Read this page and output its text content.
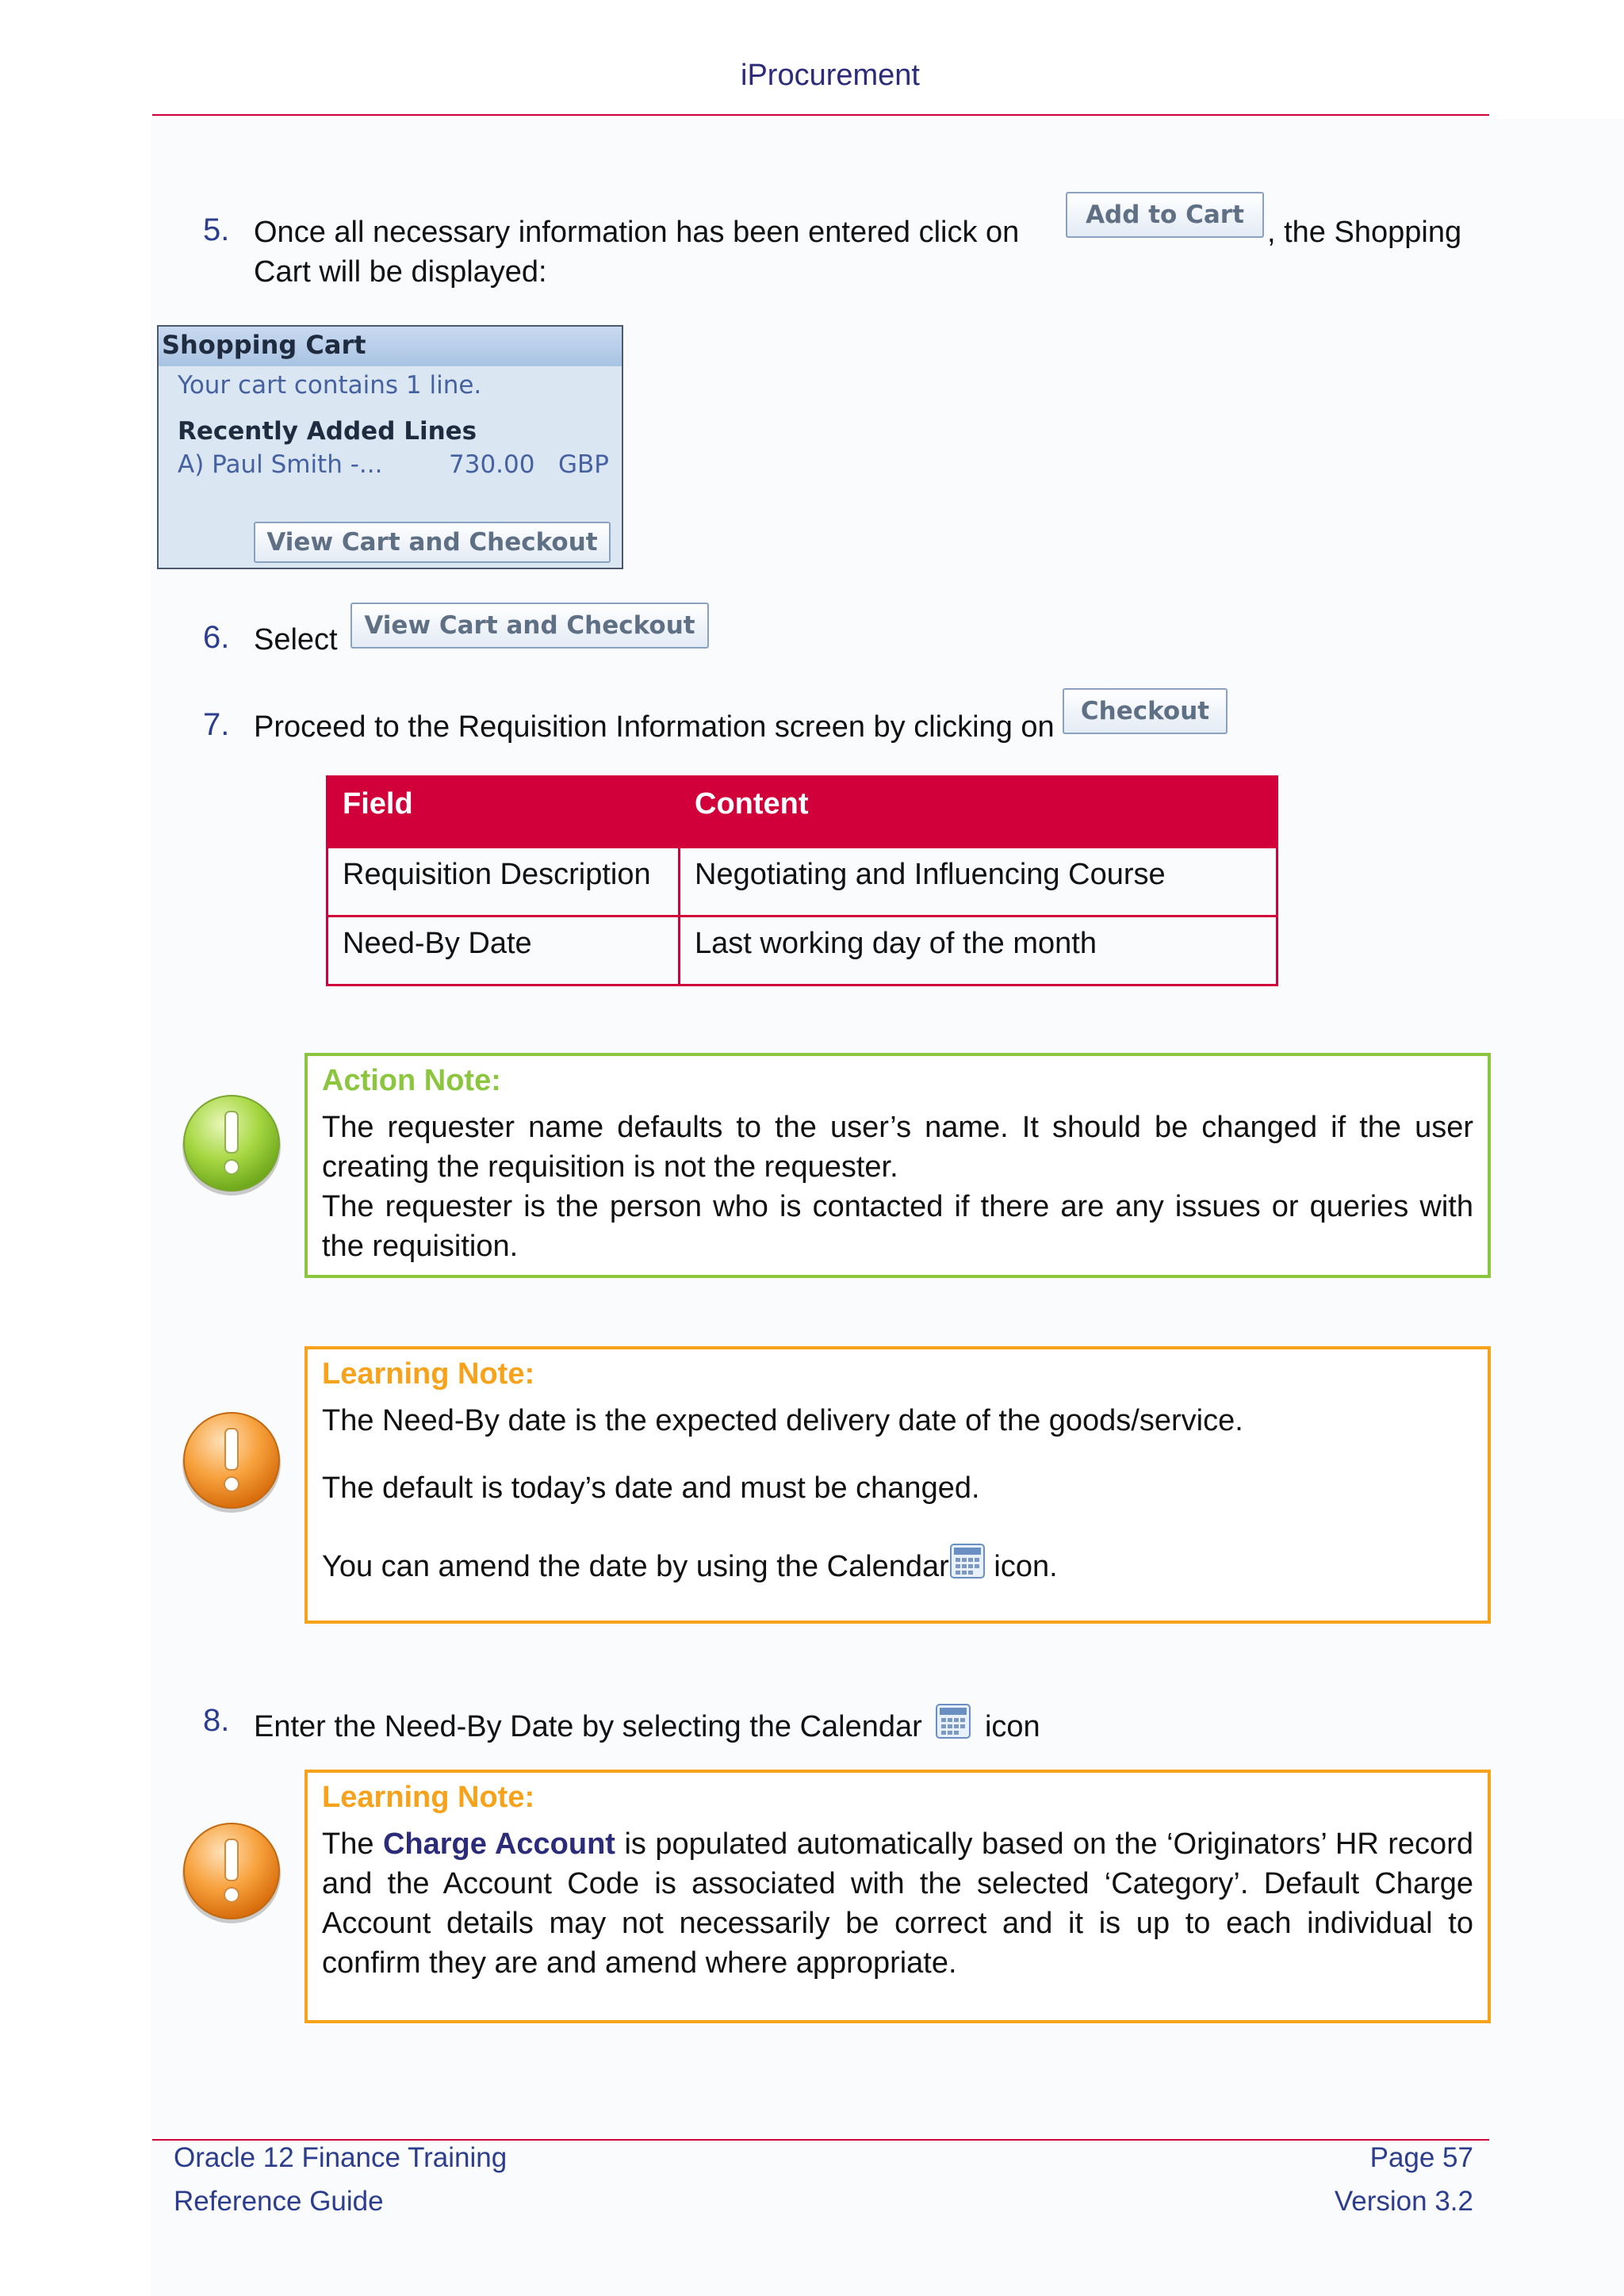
iProcurement
5. Once all necessary information has been entered click on
Add to Cart
, the Shopping
Cart will be displayed:
Shopping Cart
Your cart contains 1 line.
Recently Added Lines
A) Paul Smith -...	730.00 GBP
View Cart and Checkout
6. Select	View Cart and Checkout
7. Proceed to the Requisition Information screen by clicking on	Checkout
Field	Content
Requisition Description	Negotiating and Influencing Course
Need-By Date	Last working day of the month
Action Note:

The requester name defaults to the user’s name. It should be changed if the user creating the requisition is not the requester.

The requester is the person who is contacted if there are any issues or queries with the requisition.

Learning Note:

The Need-By date is the expected delivery date of the goods/service.

The default is today’s date and must be changed.

You can amend the date by using the Calendar icon.

8. Enter the Need-By Date by selecting the Calendar icon
Learning Note:

The Charge Account is populated automatically based on the ‘Originators’ HR record and the Account Code is associated with the selected ‘Category’. Default Charge Account details may not necessarily be correct and it is up to each individual to confirm they are and amend where appropriate.

Oracle 12 Finance Training
Reference Guide
Page 57
Version 3.2
